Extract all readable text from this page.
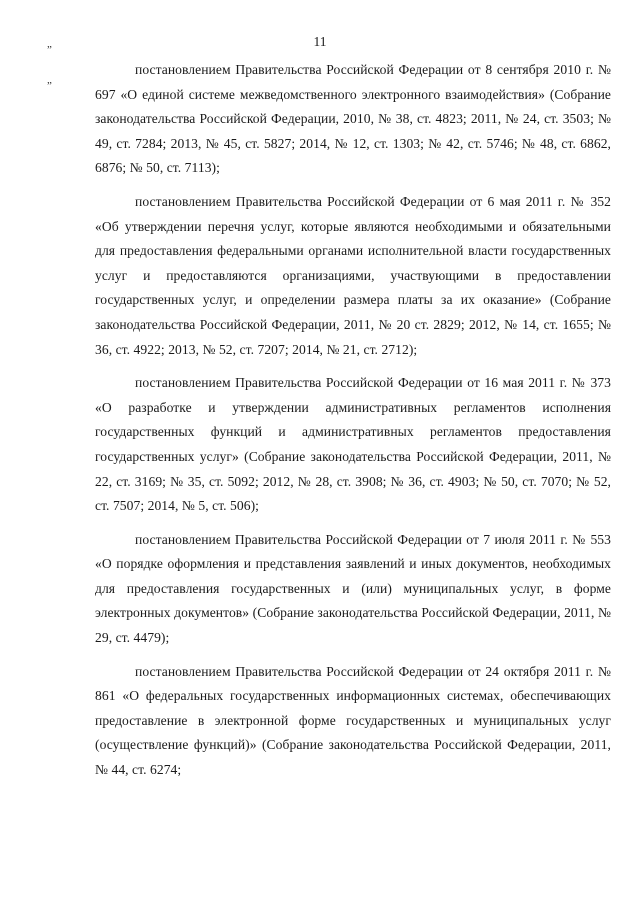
„
„
11

постановлением Правительства Российской Федерации от 8 сентября 2010 г. № 697 «О единой системе межведомственного электронного взаимодействия» (Собрание законодательства Российской Федерации, 2010, № 38, ст. 4823; 2011, № 24, ст. 3503; № 49, ст. 7284; 2013, № 45, ст. 5827; 2014, № 12, ст. 1303; № 42, ст. 5746; № 48, ст. 6862, 6876; № 50, ст. 7113);

постановлением Правительства Российской Федерации от 6 мая 2011 г. № 352 «Об утверждении перечня услуг, которые являются необходимыми и обязательными для предоставления федеральными органами исполнительной власти государственных услуг и предоставляются организациями, участвующими в предоставлении государственных услуг, и определении размера платы за их оказание» (Собрание законодательства Российской Федерации, 2011, № 20 ст. 2829; 2012, № 14, ст. 1655; № 36, ст. 4922; 2013, № 52, ст. 7207; 2014, № 21, ст. 2712);

постановлением Правительства Российской Федерации от 16 мая 2011 г. № 373 «О разработке и утверждении административных регламентов исполнения государственных функций и административных регламентов предоставления государственных услуг» (Собрание законодательства Российской Федерации, 2011, № 22, ст. 3169; № 35, ст. 5092; 2012, № 28, ст. 3908; № 36, ст. 4903; № 50, ст. 7070; № 52, ст. 7507; 2014, № 5, ст. 506);

постановлением Правительства Российской Федерации от 7 июля 2011 г. № 553 «О порядке оформления и представления заявлений и иных документов, необходимых для предоставления государственных и (или) муниципальных услуг, в форме электронных документов» (Собрание законодательства Российской Федерации, 2011, № 29, ст. 4479);

постановлением Правительства Российской Федерации от 24 октября 2011 г. № 861 «О федеральных государственных информационных системах, обеспечивающих предоставление в электронной форме государственных и муниципальных услуг (осуществление функций)» (Собрание законодательства Российской Федерации, 2011, № 44, ст. 6274;
